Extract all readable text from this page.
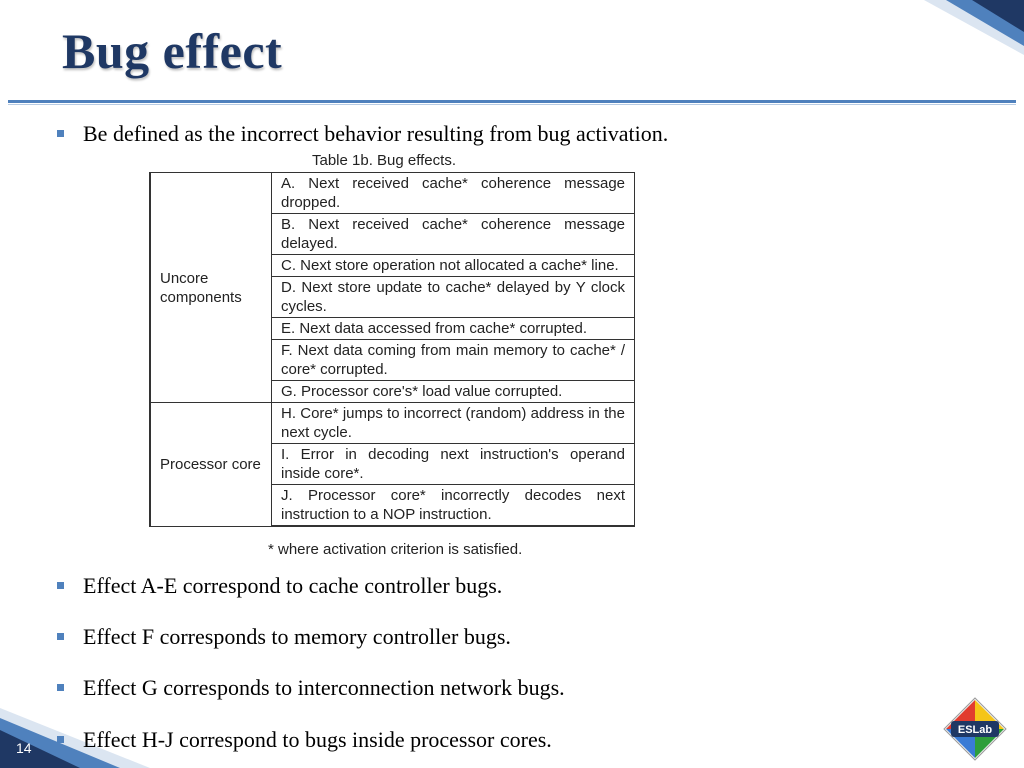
Bug effect
Be defined as the incorrect behavior resulting from bug activation.
Table 1b. Bug effects.
Uncore components	A. Next received cache* coherence message dropped.
	B. Next received cache* coherence message delayed.
	C. Next store operation not allocated a cache* line.
	D. Next store update to cache* delayed by Y clock cycles.
	E. Next data accessed from cache* corrupted.
	F. Next data coming from main memory to cache* / core* corrupted.
	G. Processor core's* load value corrupted.
Processor core	H. Core* jumps to incorrect (random) address in the next cycle.
	I. Error in decoding next instruction's operand inside core*.
	J. Processor core* incorrectly decodes next instruction to a NOP instruction.
* where activation criterion is satisfied.
Effect A-E correspond to cache controller bugs.
Effect F corresponds to memory controller bugs.
Effect G corresponds to interconnection network bugs.
Effect H-J correspond to bugs inside processor cores.
14
ESLab
